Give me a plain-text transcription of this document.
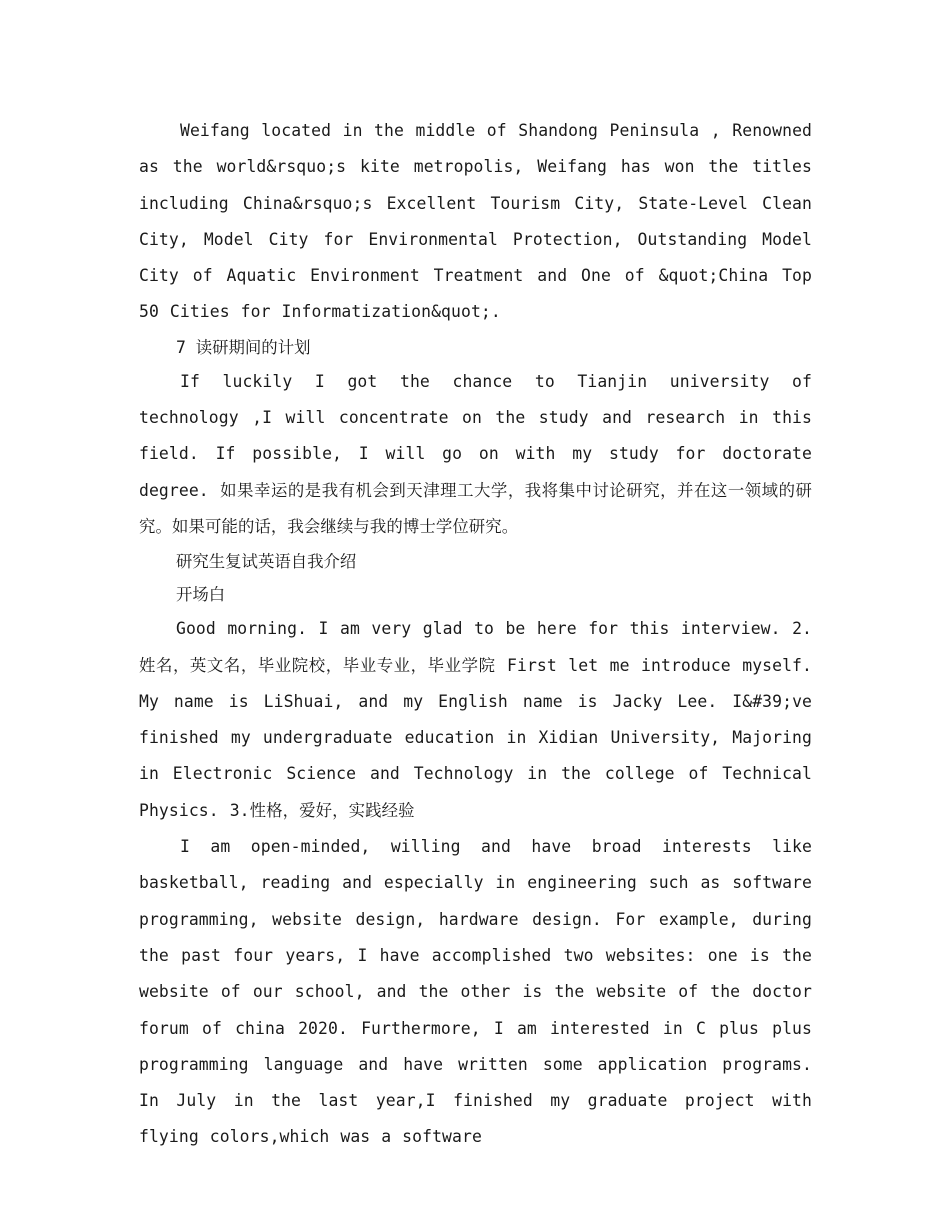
Weifang located in the middle of Shandong Peninsula , Renowned as the world&rsquo;s kite metropolis, Weifang has won the titles including China&rsquo;s Excellent Tourism City, State-Level Clean City, Model City for Environmental Protection, Outstanding Model City of Aquatic Environment Treatment and One of &quot;China Top 50 Cities for Informatization&quot;.

7 读研期间的计划

If luckily I got the chance to Tianjin university of technology ,I will concentrate on the study and research in this field. If possible, I will go on with my study for doctorate degree. 如果幸运的是我有机会到天津理工大学，我将集中讨论研究，并在这一领域的研究。如果可能的话，我会继续与我的博士学位研究。

研究生复试英语自我介绍

开场白

Good morning. I am very glad to be here for this interview. 2.姓名，英文名，毕业院校，毕业专业，毕业学院 First let me introduce myself. My name is LiShuai, and my English name is Jacky Lee. I&#39;ve finished my undergraduate education in Xidian University, Majoring in Electronic Science and Technology in the college of Technical Physics. 3.性格，爱好，实践经验

I am open-minded, willing and have broad interests like basketball, reading and especially in engineering such as software programming, website design, hardware design. For example, during the past four years, I have accomplished two websites: one is the website of our school, and the other is the website of the doctor forum of china 2020. Furthermore, I am interested in C plus plus programming language and have written some application programs. In July in the last year,I finished my graduate project with flying colors,which was a software
